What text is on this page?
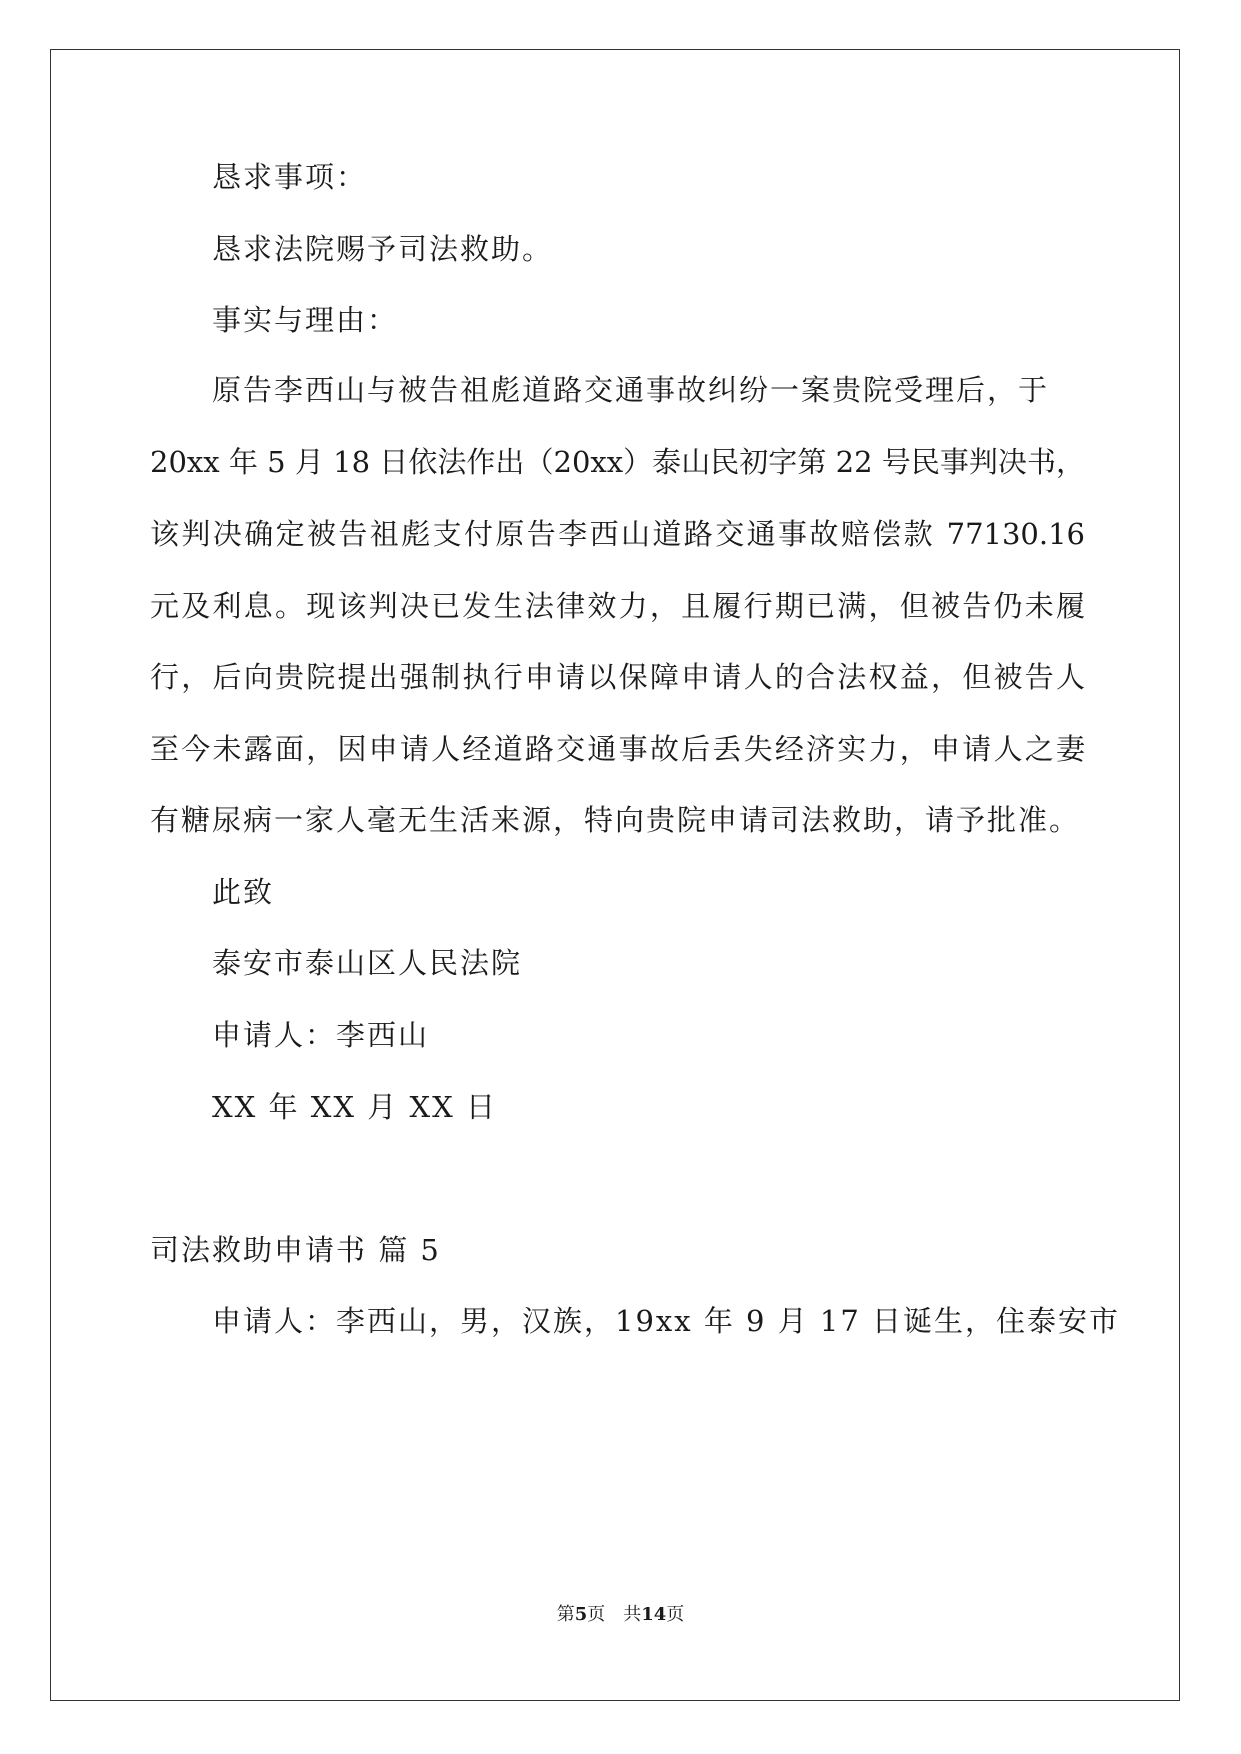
恳求事项：
恳求法院赐予司法救助。
事实与理由：
原告李西山与被告祖彪道路交通事故纠纷一案贵院受理后，于
20xx 年 5 月 18 日依法作出（20xx）泰山民初字第 22 号民事判决书，
该判决确定被告祖彪支付原告李西山道路交通事故赔偿款 77130.16
元及利息。现该判决已发生法律效力，且履行期已满，但被告仍未履
行，后向贵院提出强制执行申请以保障申请人的合法权益，但被告人
至今未露面，因申请人经道路交通事故后丢失经济实力，申请人之妻
有糖尿病一家人毫无生活来源，特向贵院申请司法救助，请予批准。
此致
泰安市泰山区人民法院
申请人：李西山
XX 年 XX 月 XX 日
司法救助申请书 篇 5
申请人：李西山，男，汉族，19xx 年 9 月 17 日诞生，住泰安市
第5页　共14页
